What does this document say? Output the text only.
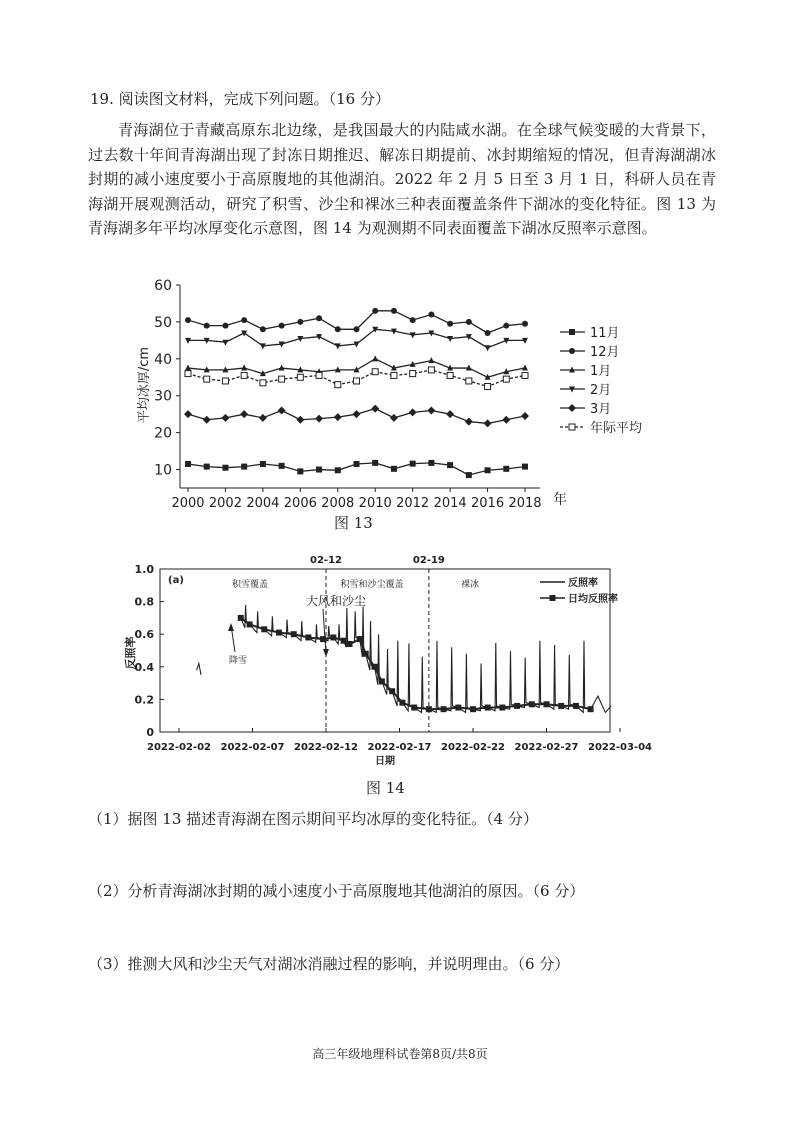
19. 阅读图文材料，完成下列问题。（16 分）

青海湖位于青藏高原东北边缘，是我国最大的内陆咸水湖。在全球气候变暖的大背景下，过去数十年间青海湖出现了封冻日期推迟、解冻日期提前、冰封期缩短的情况，但青海湖湖冰封期的减小速度要小于高原腹地的其他湖泊。2022 年 2 月 5 日至 3 月 1 日，科研人员在青海湖开展观测活动，研究了积雪、沙尘和裸冰三种表面覆盖条件下湖冰的变化特征。图 13 为青海湖多年平均冰厚变化示意图，图 14 为观测期不同表面覆盖下湖冰反照率示意图。

10
20
30
40
50
60
2000 2002 2004 2006 2008 2010 2012 2014 2016 2018
平均冰厚/cm
年
11月
12月
1月
2月
3月
年际平均
图 13
0
0.2
0.4
0.6
0.8
1.0
2022-02-02 2022-02-07 2022-02-12 2022-02-17 2022-02-22 2022-02-27 2022-03-04
(a)
反照率
日期
02-12	02-19
积雪覆盖	积雪和沙尘覆盖	裸冰
大风和沙尘
降雪
反照率
日均反照率
图 14
（1）据图 13 描述青海湖在图示期间平均冰厚的变化特征。（4 分）
（2）分析青海湖冰封期的减小速度小于高原腹地其他湖泊的原因。（6 分）
（3）推测大风和沙尘天气对湖冰消融过程的影响，并说明理由。（6 分）
高三年级地理科试卷第8页/共8页
